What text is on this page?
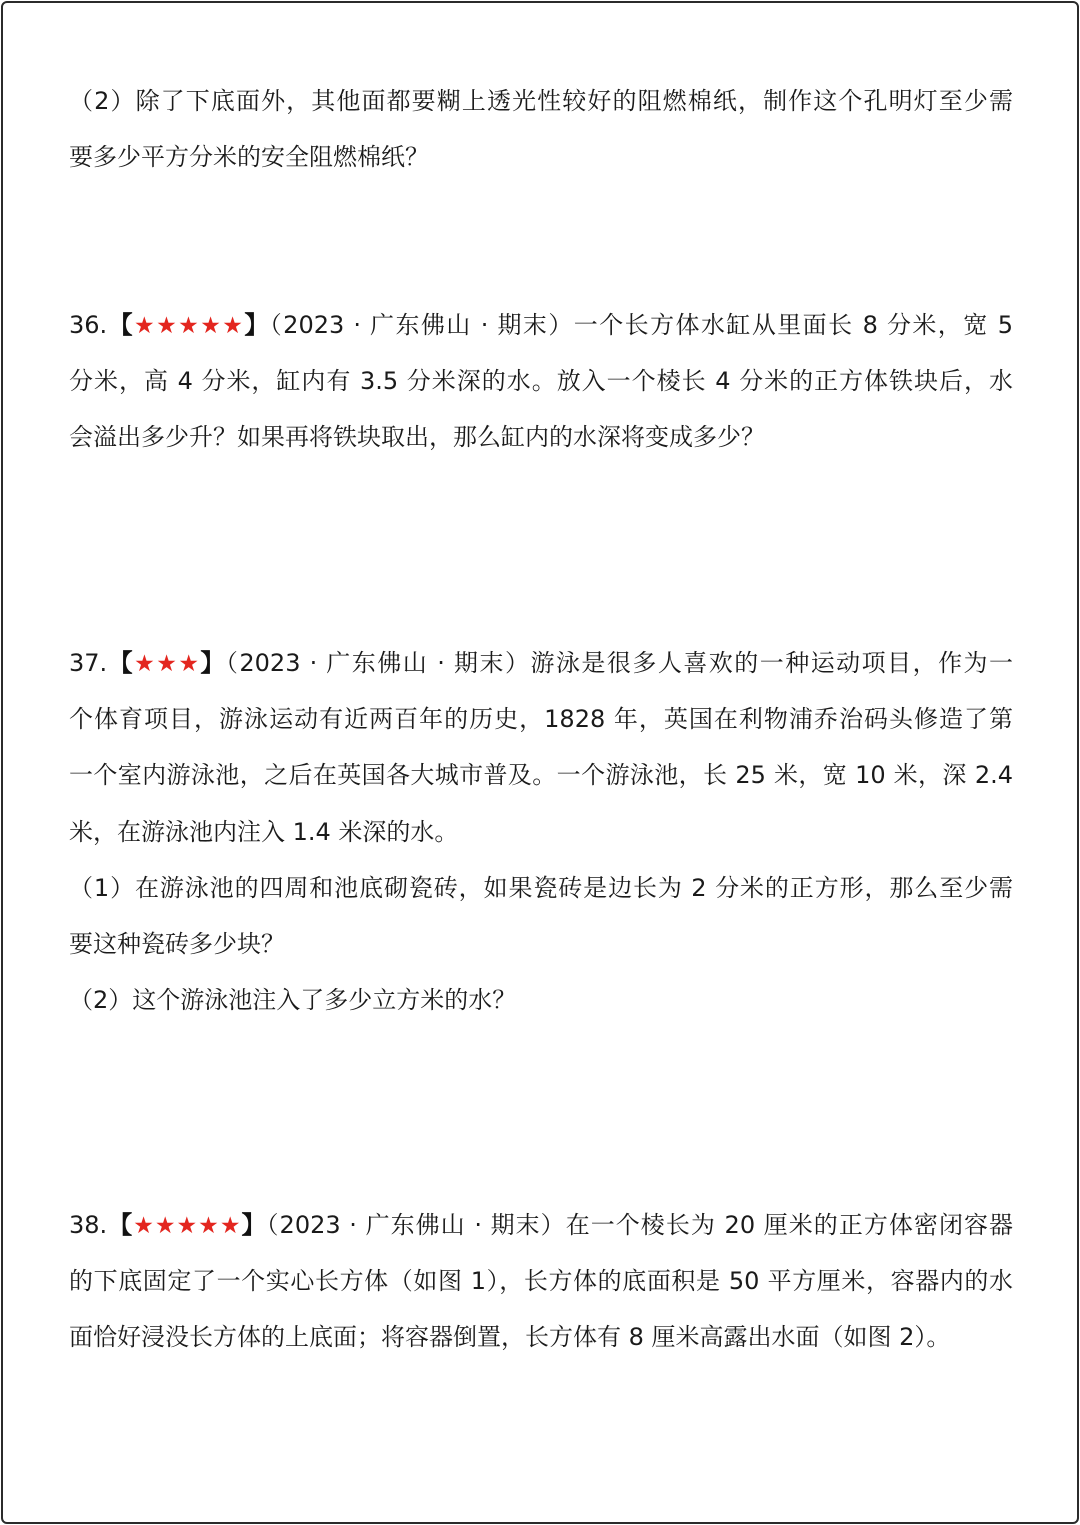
（2）除了下底面外，其他面都要糊上透光性较好的阻燃棉纸，制作这个孔明灯至少需
要多少平方分米的安全阻燃棉纸？
36.【★★★★★】（2023 · 广东佛山 · 期末）一个长方体水缸从里面长 8 分米，宽 5
分米，高 4 分米，缸内有 3.5 分米深的水。放入一个棱长 4 分米的正方体铁块后，水
会溢出多少升？如果再将铁块取出，那么缸内的水深将变成多少？
37.【★★★】（2023 · 广东佛山 · 期末）游泳是很多人喜欢的一种运动项目，作为一
个体育项目，游泳运动有近两百年的历史，1828 年，英国在利物浦乔治码头修造了第
一个室内游泳池，之后在英国各大城市普及。一个游泳池，长 25 米，宽 10 米，深 2.4
米，在游泳池内注入 1.4 米深的水。
（1）在游泳池的四周和池底砌瓷砖，如果瓷砖是边长为 2 分米的正方形，那么至少需
要这种瓷砖多少块？
（2）这个游泳池注入了多少立方米的水？
38.【★★★★★】（2023 · 广东佛山 · 期末）在一个棱长为 20 厘米的正方体密闭容器
的下底固定了一个实心长方体（如图 1），长方体的底面积是 50 平方厘米，容器内的水
面恰好浸没长方体的上底面；将容器倒置，长方体有 8 厘米高露出水面（如图 2）。
